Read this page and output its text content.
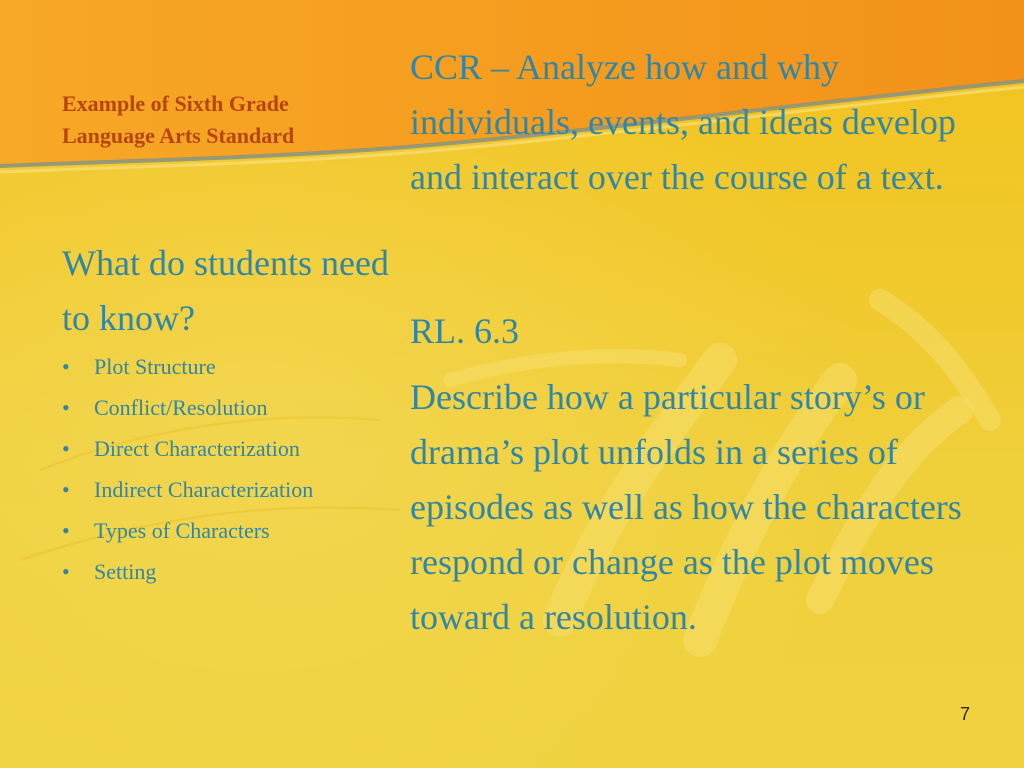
Example of Sixth Grade Language Arts Standard
What do students need to know?
• Plot Structure
• Conflict/Resolution
• Direct Characterization
• Indirect Characterization
• Types of Characters
• Setting
CCR – Analyze how and why individuals, events, and ideas develop and interact over the course of a text.
RL. 6.3
Describe how a particular story’s or drama’s plot unfolds in a series of episodes as well as how the characters respond or change as the plot moves toward a resolution.
7
